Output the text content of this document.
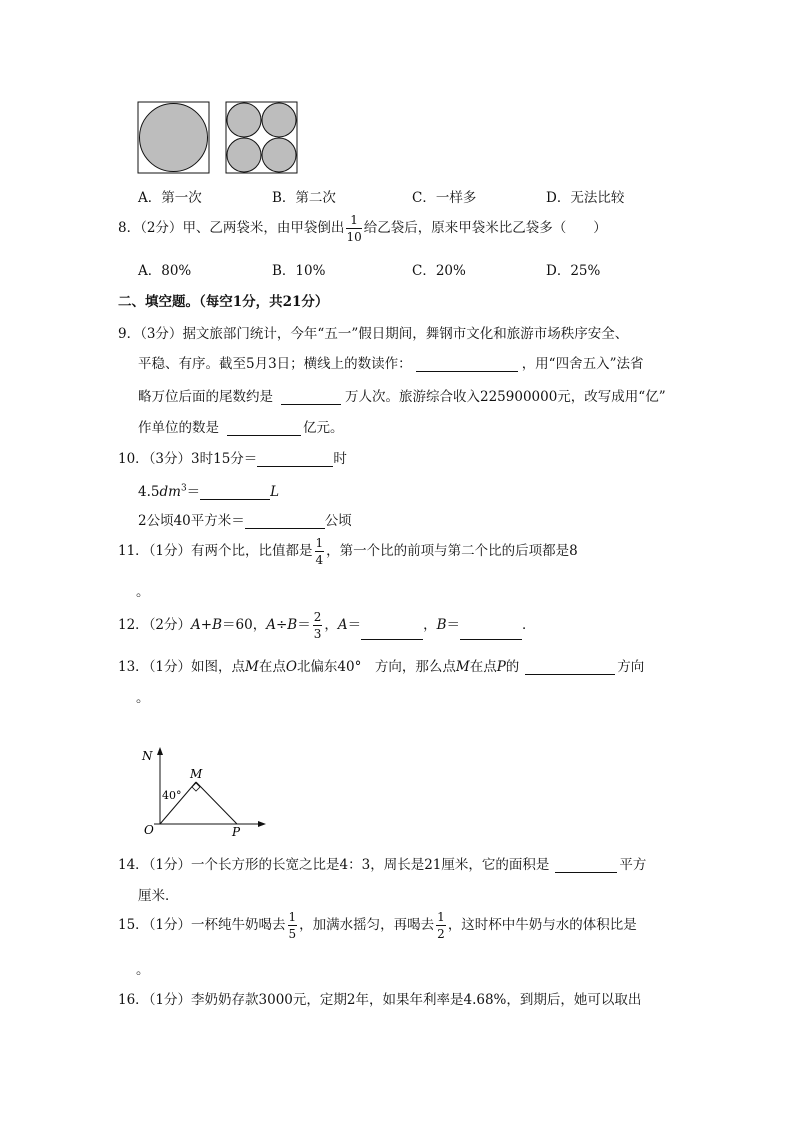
A．第一次	B．第二次	C．一样多	D．无法比较
8．（2分）甲、乙两袋米，由甲袋倒出 $\frac{1}{10}$ 给乙袋后，原来甲袋米比乙袋多（　　）
A．80%	B．10%	C．20%	D．25%
二、填空题。（每空1分，共21分）
9．（3分）据文旅部门统计，今年“五一”假日期间，舞钢市文化和旅游市场秩序安全、
平稳、有序。截至5月3日；横线上的数读作：	，用“四舍五入”法省
略万位后面的尾数约是	万人次。旅游综合收入225900000元，改写成用“亿”
作单位的数是	亿元。
10．（3分）3时15分＝	时
$4.5dm^3=$	L
2公顷40平方米＝	公顷
11．（1分）有两个比，比值都是 $\frac{1}{4}$ ，第一个比的前项与第二个比的后项都是8
。
12．（2分）A+B＝60，$A\div B= \frac{2}{3}$ ，A＝	，B＝	．
13．（1分）如图，点M在点O北偏东40°　方向，那么点M在点P的	方向
。
N
M
O	P
40°
14．（1分）一个长方形的长宽之比是4：3，周长是21厘米，它的面积是	平方
厘米．
15．（1分）一杯纯牛奶喝去 $\frac{1}{5}$ ，加满水摇匀，再喝去 $\frac{1}{2}$ ，这时杯中牛奶与水的体积比是
。
16．（1分）李奶奶存款3000元，定期2年，如果年利率是4.68%，到期后，她可以取出
